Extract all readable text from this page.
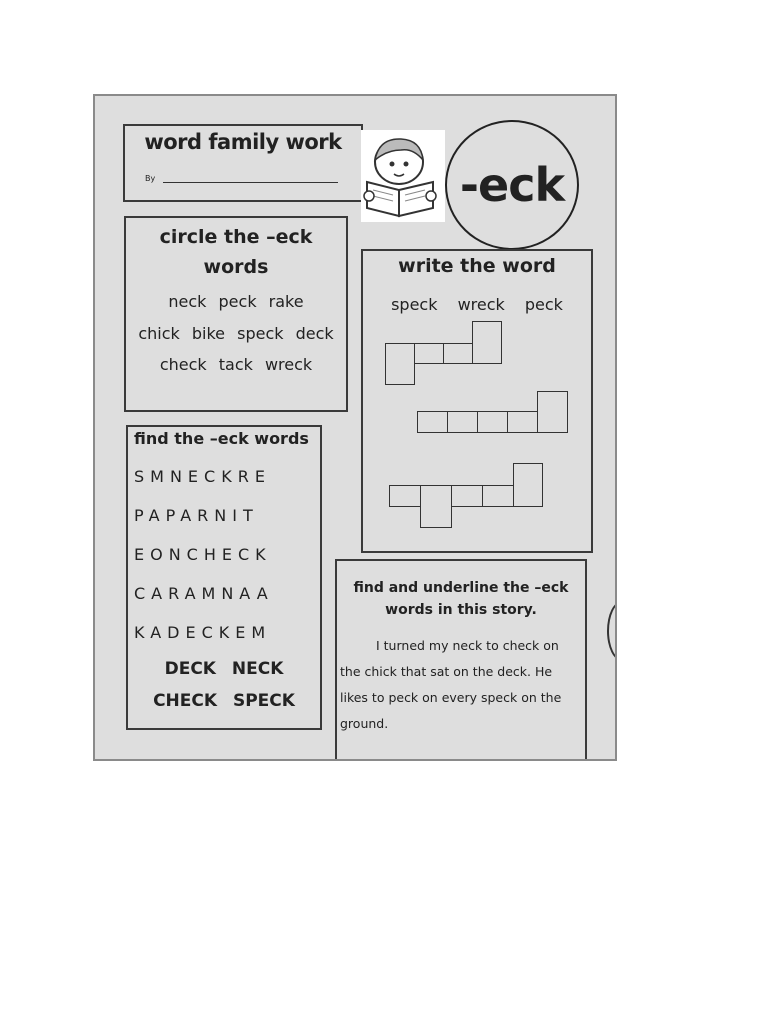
word family work
By	-eck
circle the –eck
words
neck peck rake
chick bike speck deck
check tack wreck
write the word
speck wreck peck
find the –eck words
SMNECKRE
PAPARNIT
EONCHECK
CARAMNAA
KADECKEM
DECK NECK
CHECK SPECK
find and underline the –eck
words in this story.
I turned my neck to check on the chick that sat on the deck. He likes to peck on every speck on the ground.
